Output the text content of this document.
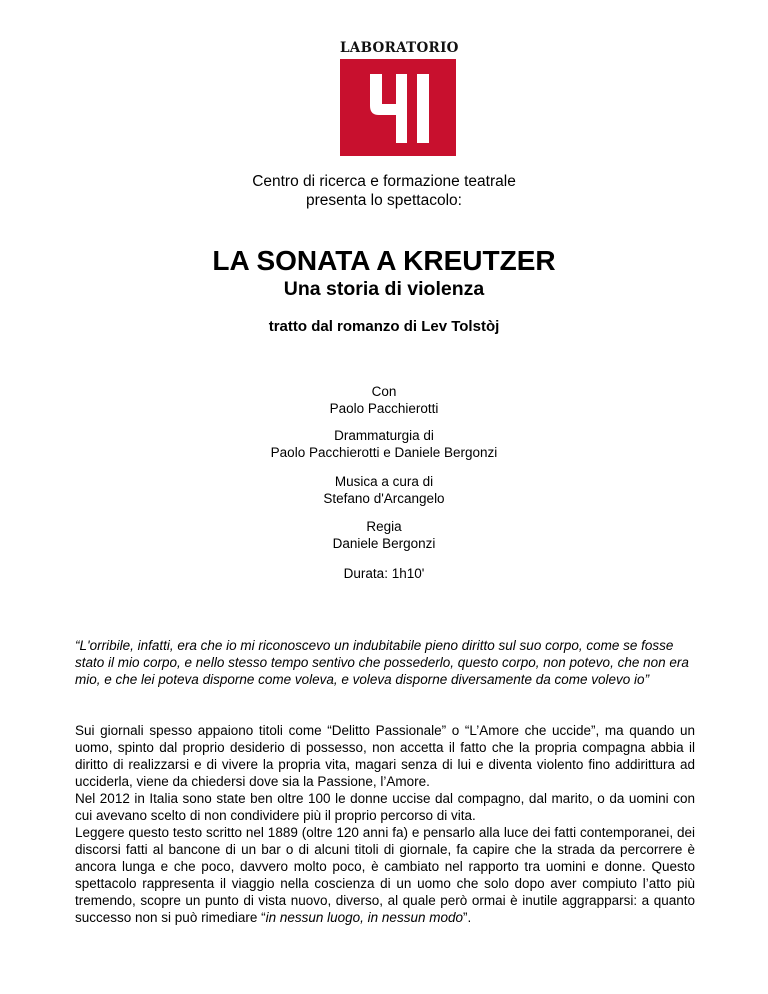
LABORATORIO
Centro di ricerca e formazione teatrale
presenta lo spettacolo:
LA SONATA A KREUTZER
Una storia di violenza
tratto dal romanzo di Lev Tolstòj
Con
Paolo Pacchierotti
Drammaturgia di
Paolo Pacchierotti e Daniele Bergonzi
Musica a cura di
Stefano d'Arcangelo
Regia
Daniele Bergonzi
Durata: 1h10'
“L'orribile, infatti, era che io mi riconoscevo un indubitabile pieno diritto sul suo corpo, come se fosse stato il mio corpo, e nello stesso tempo sentivo che possederlo, questo corpo, non potevo, che non era mio, e che lei poteva disporne come voleva, e voleva disporne diversamente da come volevo io”

Sui giornali spesso appaiono titoli come “Delitto Passionale” o “L’Amore che uccide”, ma quando un uomo, spinto dal proprio desiderio di possesso, non accetta il fatto che la propria compagna abbia il diritto di realizzarsi e di vivere la propria vita, magari senza di lui e diventa violento fino addirittura ad ucciderla, viene da chiedersi dove sia la Passione, l’Amore.

Nel 2012 in Italia sono state ben oltre 100 le donne uccise dal compagno, dal marito, o da uomini con cui avevano scelto di non condividere più il proprio percorso di vita.

Leggere questo testo scritto nel 1889 (oltre 120 anni fa) e pensarlo alla luce dei fatti contemporanei, dei discorsi fatti al bancone di un bar o di alcuni titoli di giornale, fa capire che la strada da percorrere è ancora lunga e che poco, davvero molto poco, è cambiato nel rapporto tra uomini e donne. Questo spettacolo rappresenta il viaggio nella coscienza di un uomo che solo dopo aver compiuto l’atto più tremendo, scopre un punto di vista nuovo, diverso, al quale però ormai è inutile aggrapparsi: a quanto successo non si può rimediare “in nessun luogo, in nessun modo”.
